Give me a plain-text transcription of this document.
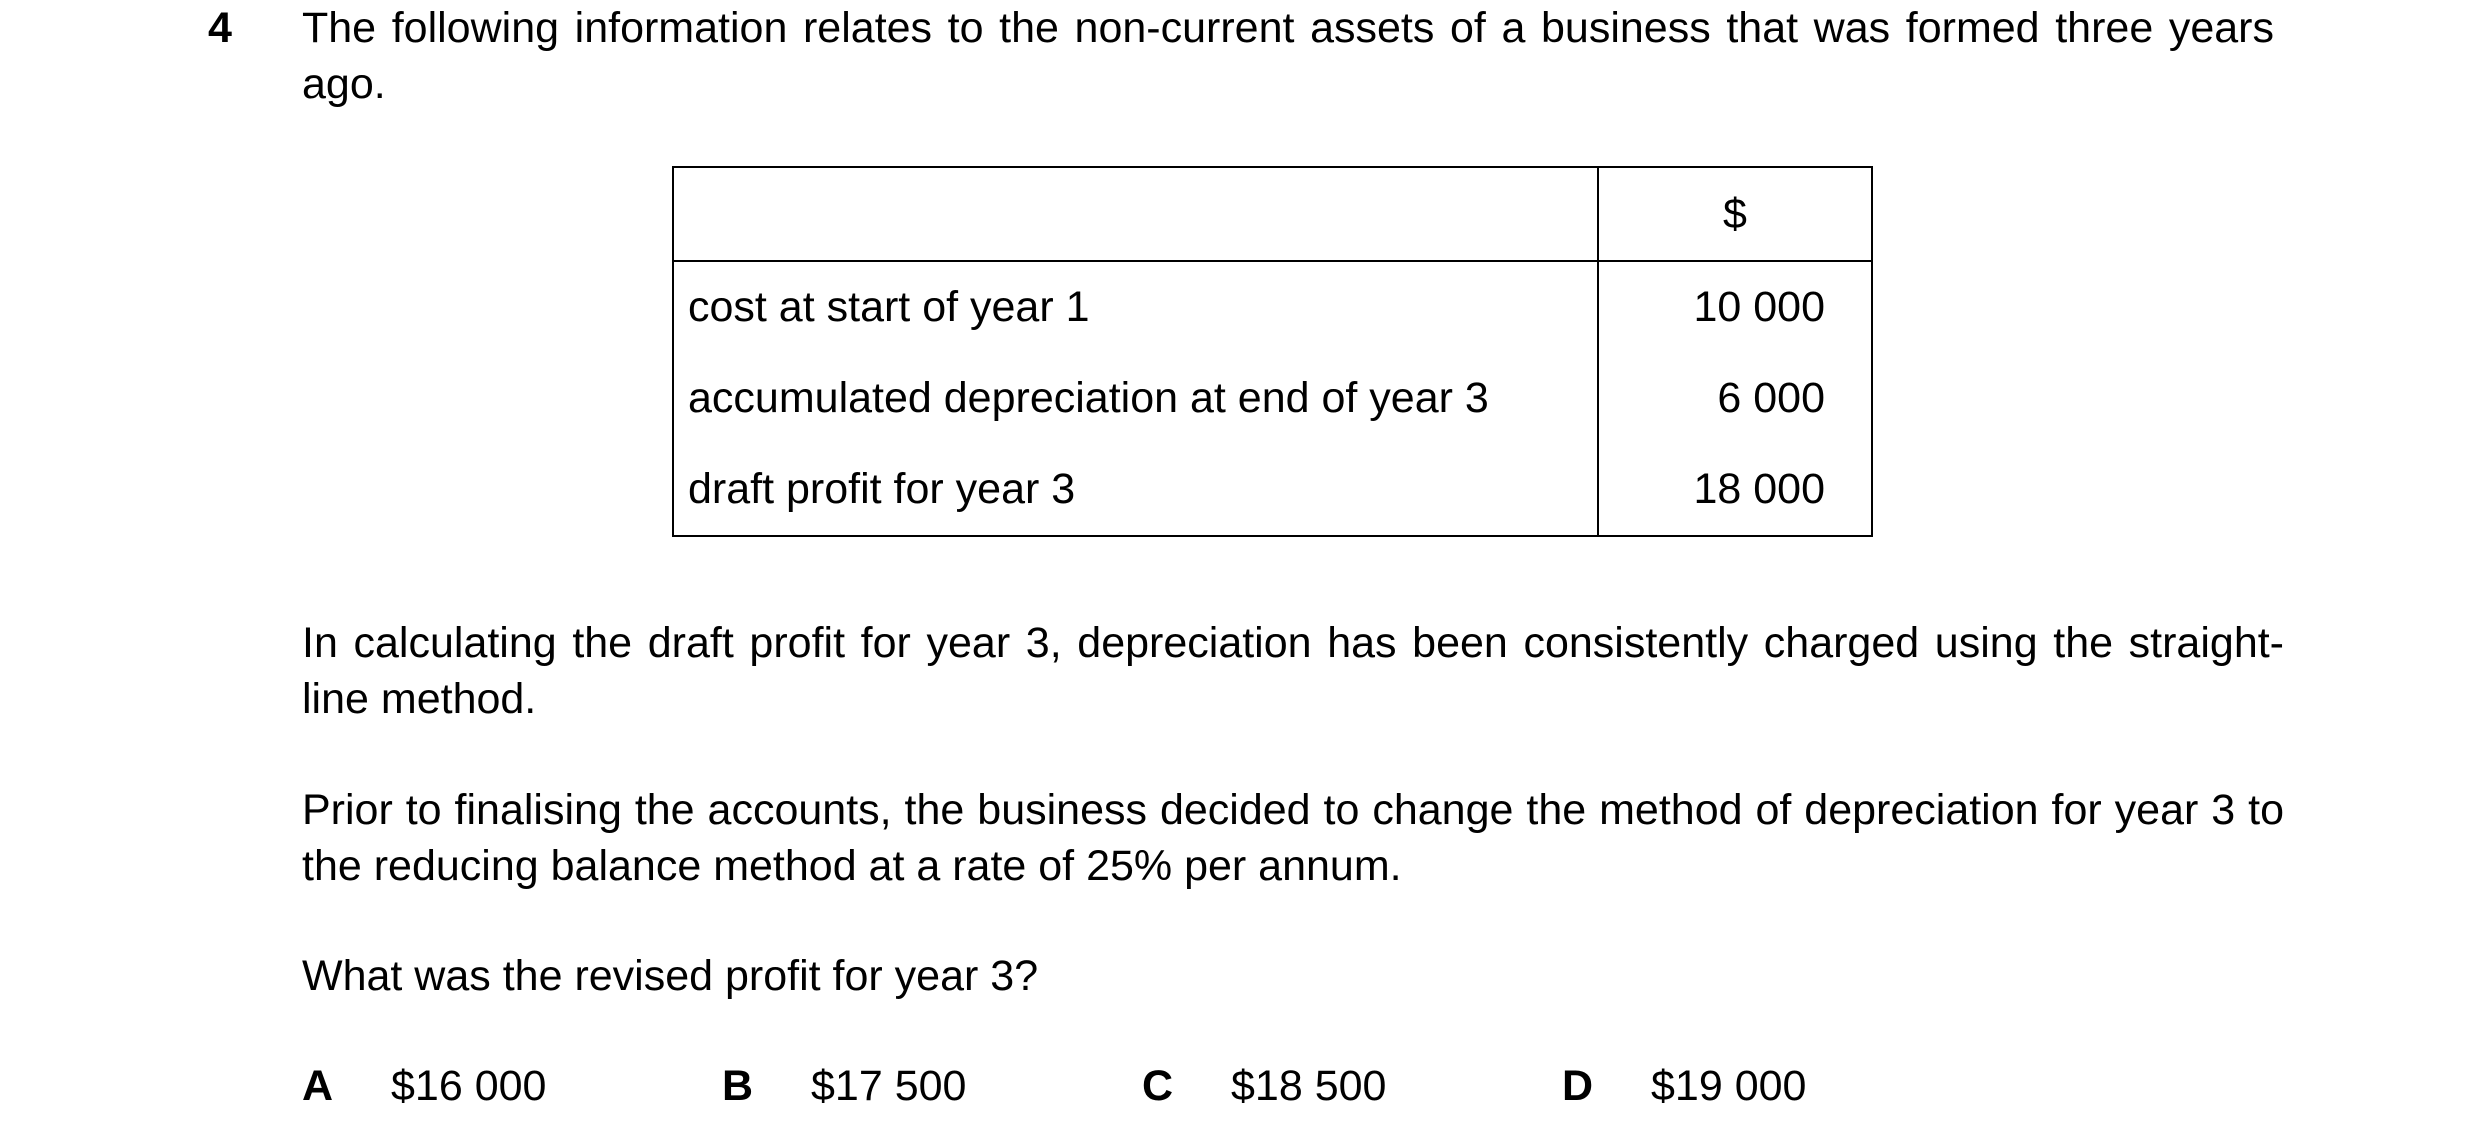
4 The following information relates to the non-current assets of a business that was formed three years ago.
	$
cost at start of year 1	10 000
accumulated depreciation at end of year 3	6 000
draft profit for year 3	18 000
In calculating the draft profit for year 3, depreciation has been consistently charged using the straight-line method.
Prior to finalising the accounts, the business decided to change the method of depreciation for year 3 to the reducing balance method at a rate of 25% per annum.
What was the revised profit for year 3?
A $16 000	B $17 500	C $18 500	D $19 000
